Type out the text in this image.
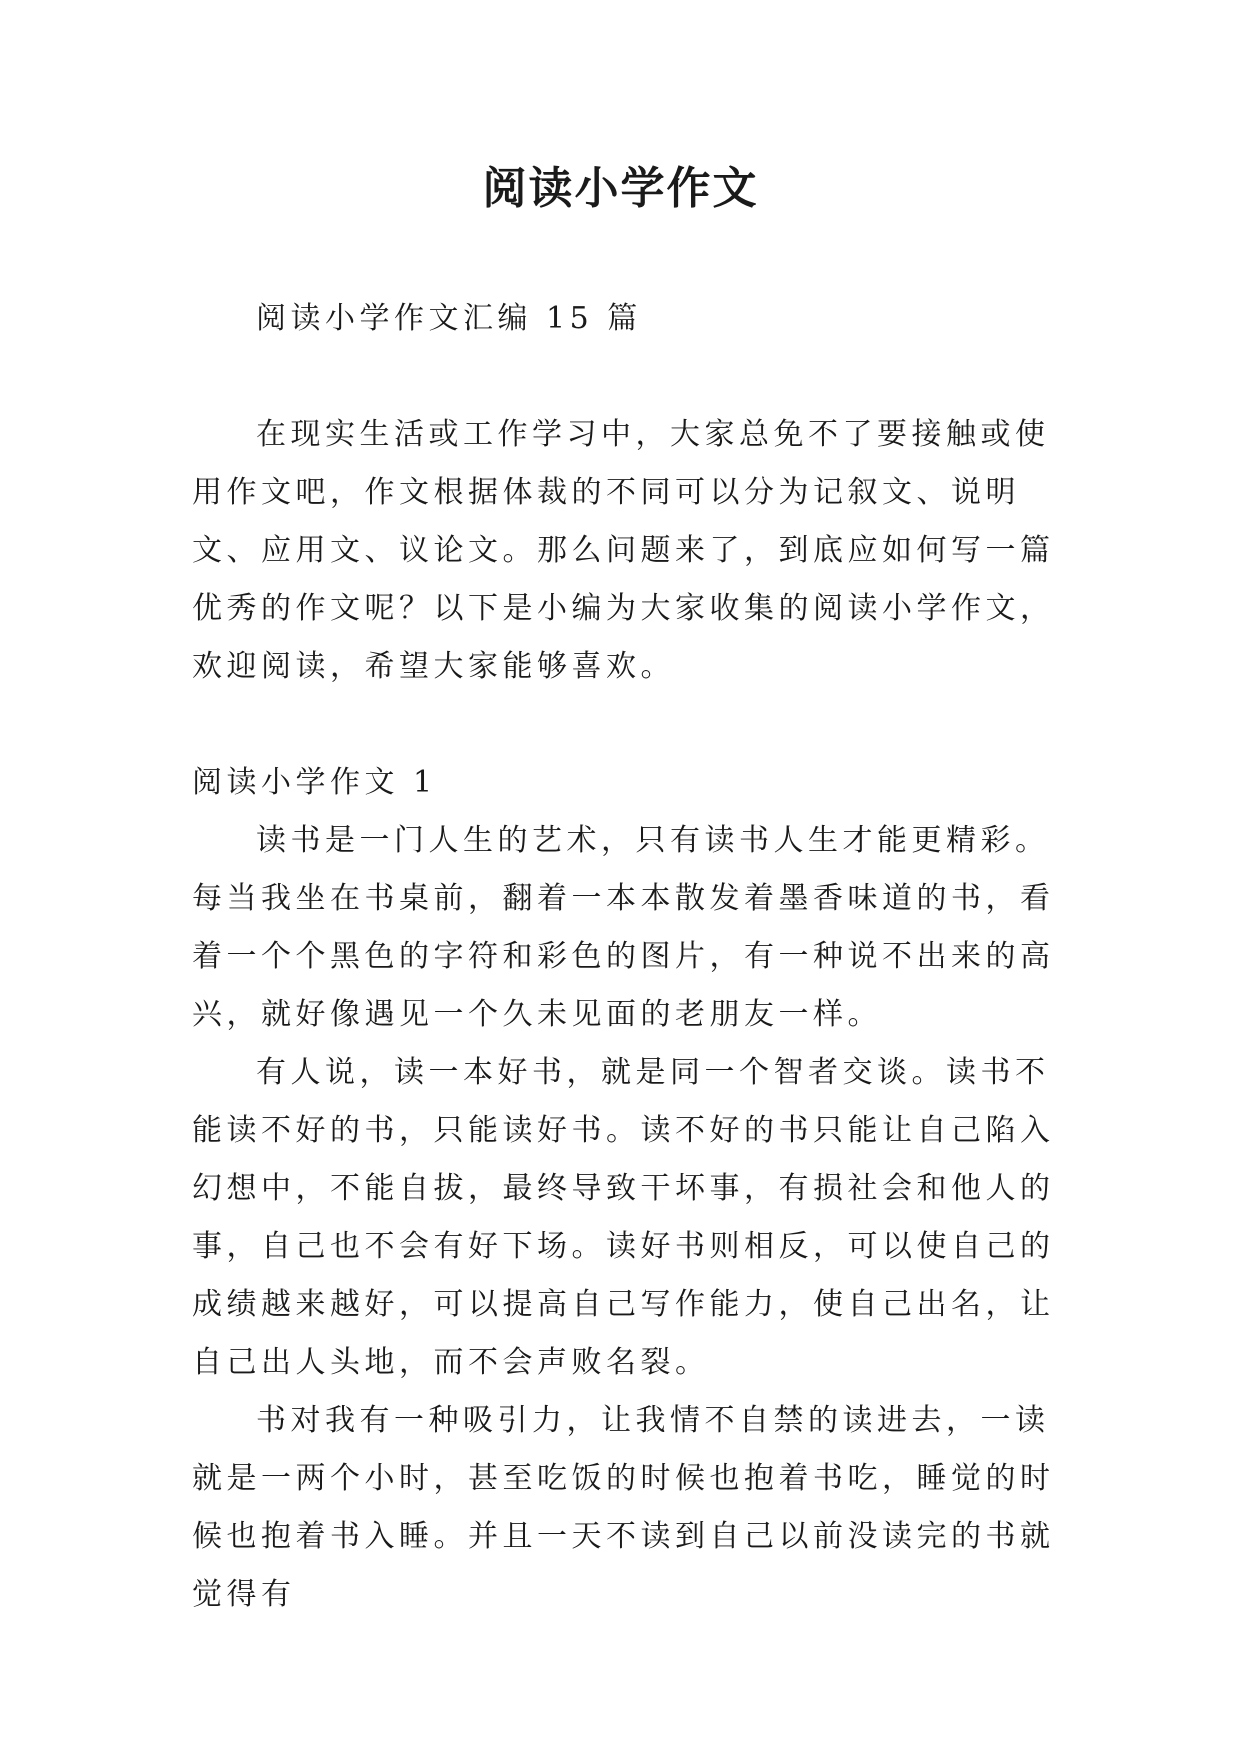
阅读小学作文

阅读小学作文汇编 15 篇

在现实生活或工作学习中，大家总免不了要接触或使用作文吧，作文根据体裁的不同可以分为记叙文、说明文、应用文、议论文。那么问题来了，到底应如何写一篇优秀的作文呢？以下是小编为大家收集的阅读小学作文，欢迎阅读，希望大家能够喜欢。

阅读小学作文 1

读书是一门人生的艺术，只有读书人生才能更精彩。每当我坐在书桌前，翻着一本本散发着墨香味道的书，看着一个个黑色的字符和彩色的图片，有一种说不出来的高兴，就好像遇见一个久未见面的老朋友一样。

有人说，读一本好书，就是同一个智者交谈。读书不能读不好的书，只能读好书。读不好的书只能让自己陷入幻想中，不能自拔，最终导致干坏事，有损社会和他人的事，自己也不会有好下场。读好书则相反，可以使自己的成绩越来越好，可以提高自己写作能力，使自己出名，让自己出人头地，而不会声败名裂。

书对我有一种吸引力，让我情不自禁的读进去，一读就是一两个小时，甚至吃饭的时候也抱着书吃，睡觉的时候也抱着书入睡。并且一天不读到自己以前没读完的书就觉得有
